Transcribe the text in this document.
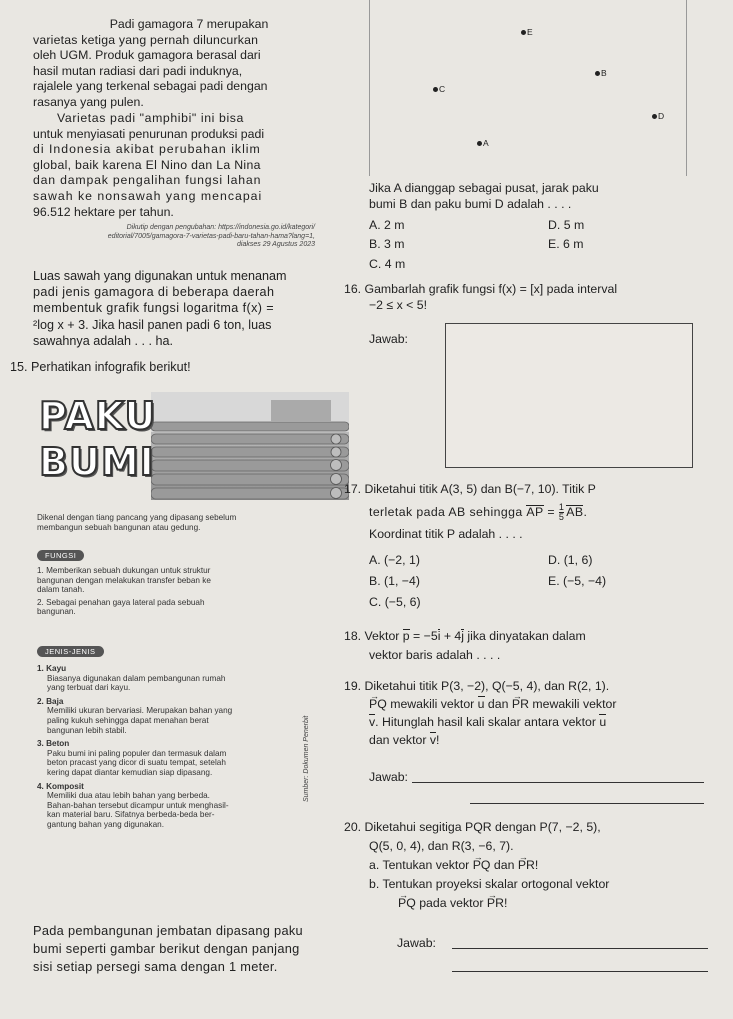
Padi gamagora 7 merupakan
varietas ketiga yang pernah diluncurkan
oleh UGM. Produk gamagora berasal dari
hasil mutan radiasi dari padi induknya,
rajalele yang terkenal sebagai padi dengan
rasanya yang pulen.
Varietas padi "amphibi" ini bisa
untuk menyiasati penurunan produksi padi
di Indonesia akibat perubahan iklim
global, baik karena El Nino dan La Nina
dan dampak pengalihan fungsi lahan
sawah ke nonsawah yang mencapai
96.512 hektare per tahun.
Dikutip dengan pengubahan: https://indonesia.go.id/kategori/
editorial/7005/gamagora-7-varietas-padi-baru-tahan-hama?lang=1,
diakses 29 Agustus 2023
Luas sawah yang digunakan untuk menanam
padi jenis gamagora di beberapa daerah
membentuk grafik fungsi logaritma f(x) =
²log x + 3. Jika hasil panen padi 6 ton, luas
sawahnya adalah . . . ha.
15. Perhatikan infografik berikut!
PAKU
BUMI
Dikenal dengan tiang pancang yang dipasang sebelum
membangun sebuah bangunan atau gedung.
FUNGSI
1. Memberikan sebuah dukungan untuk struktur
bangunan dengan melakukan transfer beban ke
dalam tanah.
2. Sebagai penahan gaya lateral pada sebuah
bangunan.
JENIS-JENIS
1. Kayu
Biasanya digunakan dalam pembangunan rumah
yang terbuat dari kayu.
2. Baja
Memiliki ukuran bervariasi. Merupakan bahan yang
paling kukuh sehingga dapat menahan berat
bangunan lebih stabil.
3. Beton
Paku bumi ini paling populer dan termasuk dalam
beton pracast yang dicor di suatu tempat, setelah
kering dapat diantar kemudian siap dipasang.
4. Komposit
Memiliki dua atau lebih bahan yang berbeda.
Bahan-bahan tersebut dicampur untuk menghasil-
kan material baru. Sifatnya berbeda-beda ber-
gantung bahan yang digunakan.
Sumber: Dokumen Penerbit
Pada pembangunan jembatan dipasang paku
bumi seperti gambar berikut dengan panjang
sisi setiap persegi sama dengan 1 meter.
E
B
C
D
A
Jika A dianggap sebagai pusat, jarak paku
bumi B dan paku bumi D adalah . . . .
A. 2 m	D. 5 m
B. 3 m	E. 6 m
C. 4 m
16. Gambarlah grafik fungsi f(x) = [x] pada interval
−2 ≤ x < 5!
Jawab:
17. Diketahui titik A(3, 5) dan B(−7, 10). Titik P
terletak pada AB sehingga AP = $\frac{1}{5}$ AB.
Koordinat titik P adalah . . . .
A. (−2, 1)	D. (1, 6)
B. (1, −4)	E. (−5, −4)
C. (−5, 6)
18. Vektor p = −5i + 4j jika dinyatakan dalam
vektor baris adalah . . . .
19. Diketahui titik P(3, −2), Q(−5, 4), dan R(2, 1).
→ PQ mewakili vektor u dan → PR mewakili vektor
v. Hitunglah hasil kali skalar antara vektor u
dan vektor v!
Jawab:
20. Diketahui segitiga PQR dengan P(7, −2, 5),
Q(5, 0, 4), dan R(3, −6, 7).
a. Tentukan vektor → PQ dan → PR!
b. Tentukan proyeksi skalar ortogonal vektor
→ PQ pada vektor → PR!
Jawab:
